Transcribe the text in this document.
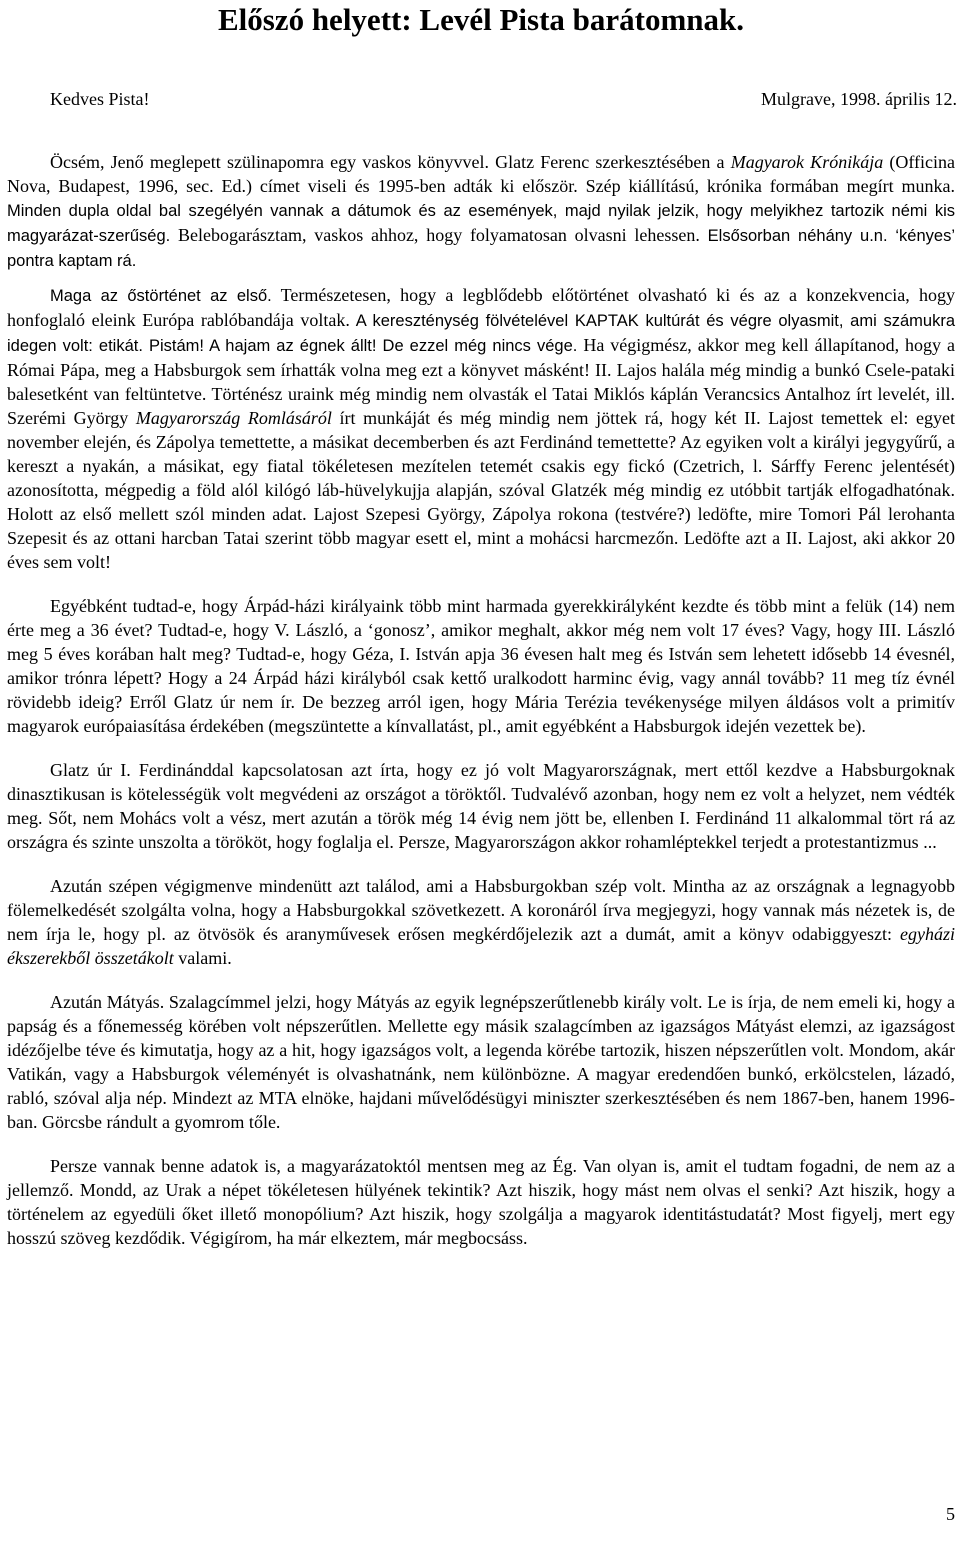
Előszó helyett: Levél Pista barátomnak.
Kedves Pista!	Mulgrave, 1998. április 12.

Öcsém, Jenő meglepett szülinapomra egy vaskos könyvvel. Glatz Ferenc szerkesztésében a Magyarok Krónikája (Officina Nova, Budapest, 1996, sec. Ed.) címet viseli és 1995-ben adták ki először. Szép kiállítású, krónika formában megírt munka. Minden dupla oldal bal szegélyén vannak a dátumok és az események, majd nyilak jelzik, hogy melyikhez tartozik némi kis magyarázat-szerűség. Belebogarásztam, vaskos ahhoz, hogy folyamatosan olvasni lehessen. Elsősorban néhány u.n. ‘kényes’ pontra kaptam rá.

Maga az őstörténet az első. Természetesen, hogy a legblődebb előtörténet olvasható ki és az a konzekvencia, hogy honfoglaló eleink Európa rablóbandája voltak. A kereszténység fölvételével KAPTAK kultúrát és végre olyasmit, ami számukra idegen volt: etikát. Pistám! A hajam az égnek állt! De ezzel még nincs vége. Ha végigmész, akkor meg kell állapítanod, hogy a Római Pápa, meg a Habsburgok sem írhatták volna meg ezt a könyvet másként! II. Lajos halála még mindig a bunkó Csele-pataki balesetként van feltüntetve. Történész uraink még mindig nem olvasták el Tatai Miklós káplán Verancsics Antalhoz írt levelét, ill. Szerémi György Magyarország Romlásáról írt munkáját és még mindig nem jöttek rá, hogy két II. Lajost temettek el: egyet november elején, és Zápolya temettette, a másikat decemberben és azt Ferdinánd temettette? Az egyiken volt a királyi jegygyűrű, a kereszt a nyakán, a másikat, egy fiatal tökéletesen mezítelen tetemét csakis egy fickó (Czetrich, l. Sárffy Ferenc jelentését) azonosította, mégpedig a föld alól kilógó láb-hüvelykujja alapján, szóval Glatzék még mindig ez utóbbit tartják elfogadhatónak. Holott az első mellett szól minden adat. Lajost Szepesi György, Zápolya rokona (testvére?) ledöfte, mire Tomori Pál lerohanta Szepesit és az ottani harcban Tatai szerint több magyar esett el, mint a mohácsi harcmezőn. Ledöfte azt a II. Lajost, aki akkor 20 éves sem volt!

Egyébként tudtad-e, hogy Árpád-házi királyaink több mint harmada gyerekkirályként kezdte és több mint a felük (14) nem érte meg a 36 évet? Tudtad-e, hogy V. László, a ‘gonosz’, amikor meghalt, akkor még nem volt 17 éves? Vagy, hogy III. László meg 5 éves korában halt meg? Tudtad-e, hogy Géza, I. István apja 36 évesen halt meg és István sem lehetett idősebb 14 évesnél, amikor trónra lépett? Hogy a 24 Árpád házi királyból csak kettő uralkodott harminc évig, vagy annál tovább? 11 meg tíz évnél rövidebb ideig? Erről Glatz úr nem ír. De bezzeg arról igen, hogy Mária Terézia tevékenysége milyen áldásos volt a primitív magyarok európaiasítása érdekében (megszüntette a kínvallatást, pl., amit egyébként a Habsburgok idején vezettek be).

Glatz úr I. Ferdinánddal kapcsolatosan azt írta, hogy ez jó volt Magyarországnak, mert ettől kezdve a Habsburgoknak dinasztikusan is kötelességük volt megvédeni az országot a töröktől. Tudvalévő azonban, hogy nem ez volt a helyzet, nem védték meg. Sőt, nem Mohács volt a vész, mert azután a török még 14 évig nem jött be, ellenben I. Ferdinánd 11 alkalommal tört rá az országra és szinte unszolta a törököt, hogy foglalja el. Persze, Magyarországon akkor rohamléptekkel terjedt a protestantizmus ...

Azután szépen végigmenve mindenütt azt találod, ami a Habsburgokban szép volt. Mintha az az országnak a legnagyobb fölemelkedését szolgálta volna, hogy a Habsburgokkal szövetkezett. A koronáról írva megjegyzi, hogy vannak más nézetek is, de nem írja le, hogy pl. az ötvösök és aranyművesek erősen megkérdőjelezik azt a dumát, amit a könyv odabiggyeszt: egyházi ékszerekből összetákolt valami.

Azután Mátyás. Szalagcímmel jelzi, hogy Mátyás az egyik legnépszerűtlenebb király volt. Le is írja, de nem emeli ki, hogy a papság és a főnemesség körében volt népszerűtlen. Mellette egy másik szalagcímben az igazságos Mátyást elemzi, az igazságost idézőjelbe téve és kimutatja, hogy az a hit, hogy igazságos volt, a legenda körébe tartozik, hiszen népszerűtlen volt. Mondom, akár Vatikán, vagy a Habsburgok véleményét is olvashatnánk, nem különbözne. A magyar eredendően bunkó, erkölcstelen, lázadó, rabló, szóval alja nép. Mindezt az MTA elnöke, hajdani művelődésügyi miniszter szerkesztésében és nem 1867-ben, hanem 1996-ban. Görcsbe rándult a gyomrom tőle.

Persze vannak benne adatok is, a magyarázatoktól mentsen meg az Ég. Van olyan is, amit el tudtam fogadni, de nem az a jellemző. Mondd, az Urak a népet tökéletesen hülyének tekintik? Azt hiszik, hogy mást nem olvas el senki? Azt hiszik, hogy a történelem az egyedüli őket illető monopólium? Azt hiszik, hogy szolgálja a magyarok identitástudatát? Most figyelj, mert egy hosszú szöveg kezdődik. Végigírom, ha már elkeztem, már megbocsáss.

5
